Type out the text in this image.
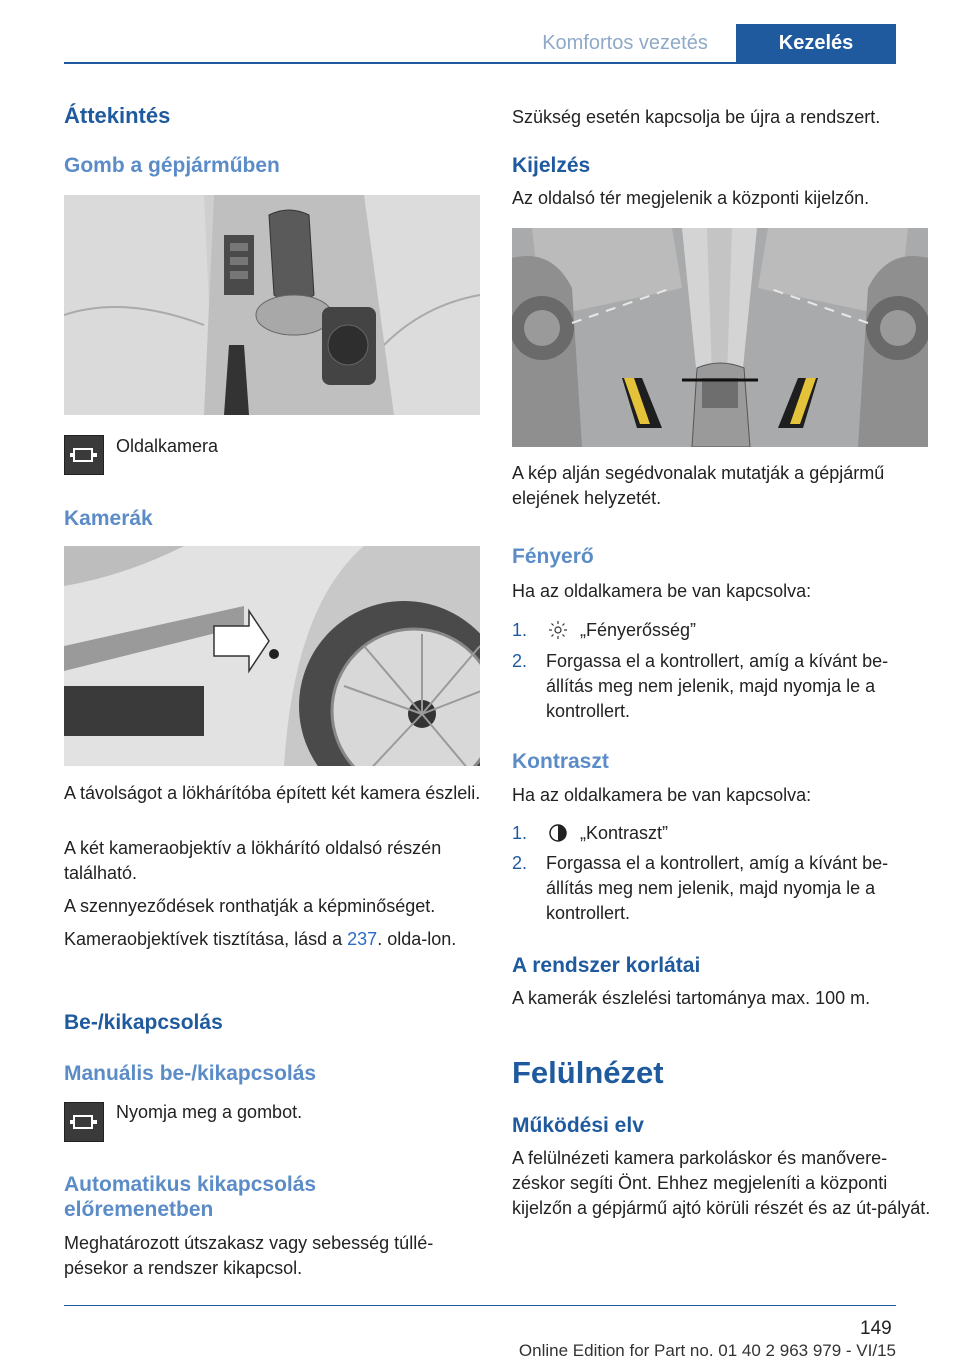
Komfortos vezetés	Kezelés
Áttekintés
Gomb a gépjárműben
Oldalkamera
Kamerák
A távolságot a lökhárítóba épített két kamera észleli.
A két kameraobjektív a lökhárító oldalsó részén található.
A szennyeződések ronthatják a képminőséget.
Kameraobjektívek tisztítása, lásd a 237. olda-lon.
Be-/kikapcsolás
Manuális be-/kikapcsolás
Nyomja meg a gombot.
Automatikus kikapcsolás előremenetben
Meghatározott útszakasz vagy sebesség túllé-pésekor a rendszer kikapcsol.
Szükség esetén kapcsolja be újra a rendszert.
Kijelzés
Az oldalsó tér megjelenik a központi kijelzőn.
A kép alján segédvonalak mutatják a gépjármű elejének helyzetét.
Fényerő
Ha az oldalkamera be van kapcsolva:
1.	„Fényerősség”
2. Forgassa el a kontrollert, amíg a kívánt be-állítás meg nem jelenik, majd nyomja le a kontrollert.
Kontraszt
Ha az oldalkamera be van kapcsolva:
1.	„Kontraszt”
2. Forgassa el a kontrollert, amíg a kívánt be-állítás meg nem jelenik, majd nyomja le a kontrollert.
A rendszer korlátai
A kamerák észlelési tartománya max. 100 m.
Felülnézet
Működési elv
A felülnézeti kamera parkoláskor és manővere-zéskor segíti Önt. Ehhez megjeleníti a központi kijelzőn a gépjármű ajtó körüli részét és az út-pályát.
149
Online Edition for Part no. 01 40 2 963 979 - VI/15
